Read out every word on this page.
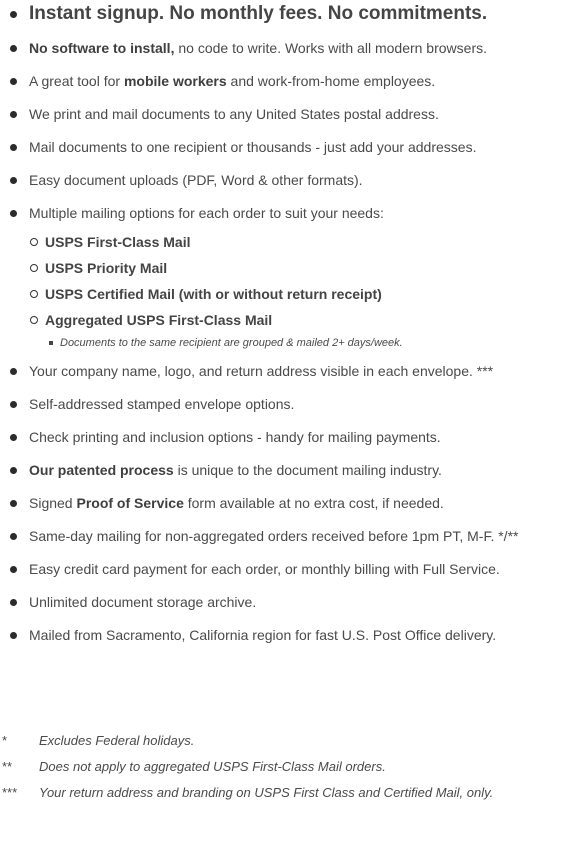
Instant signup. No monthly fees. No commitments.
No software to install, no code to write. Works with all modern browsers.
A great tool for mobile workers and work-from-home employees.
We print and mail documents to any United States postal address.
Mail documents to one recipient or thousands - just add your addresses.
Easy document uploads (PDF, Word & other formats).
Multiple mailing options for each order to suit your needs:
USPS First-Class Mail
USPS Priority Mail
USPS Certified Mail (with or without return receipt)
Aggregated USPS First-Class Mail
Documents to the same recipient are grouped & mailed 2+ days/week.
Your company name, logo, and return address visible in each envelope. ***
Self-addressed stamped envelope options.
Check printing and inclusion options - handy for mailing payments.
Our patented process is unique to the document mailing industry.
Signed Proof of Service form available at no extra cost, if needed.
Same-day mailing for non-aggregated orders received before 1pm PT, M-F. */**
Easy credit card payment for each order, or monthly billing with Full Service.
Unlimited document storage archive.
Mailed from Sacramento, California region for fast U.S. Post Office delivery.
* Excludes Federal holidays.
** Does not apply to aggregated USPS First-Class Mail orders.
*** Your return address and branding on USPS First Class and Certified Mail, only.
